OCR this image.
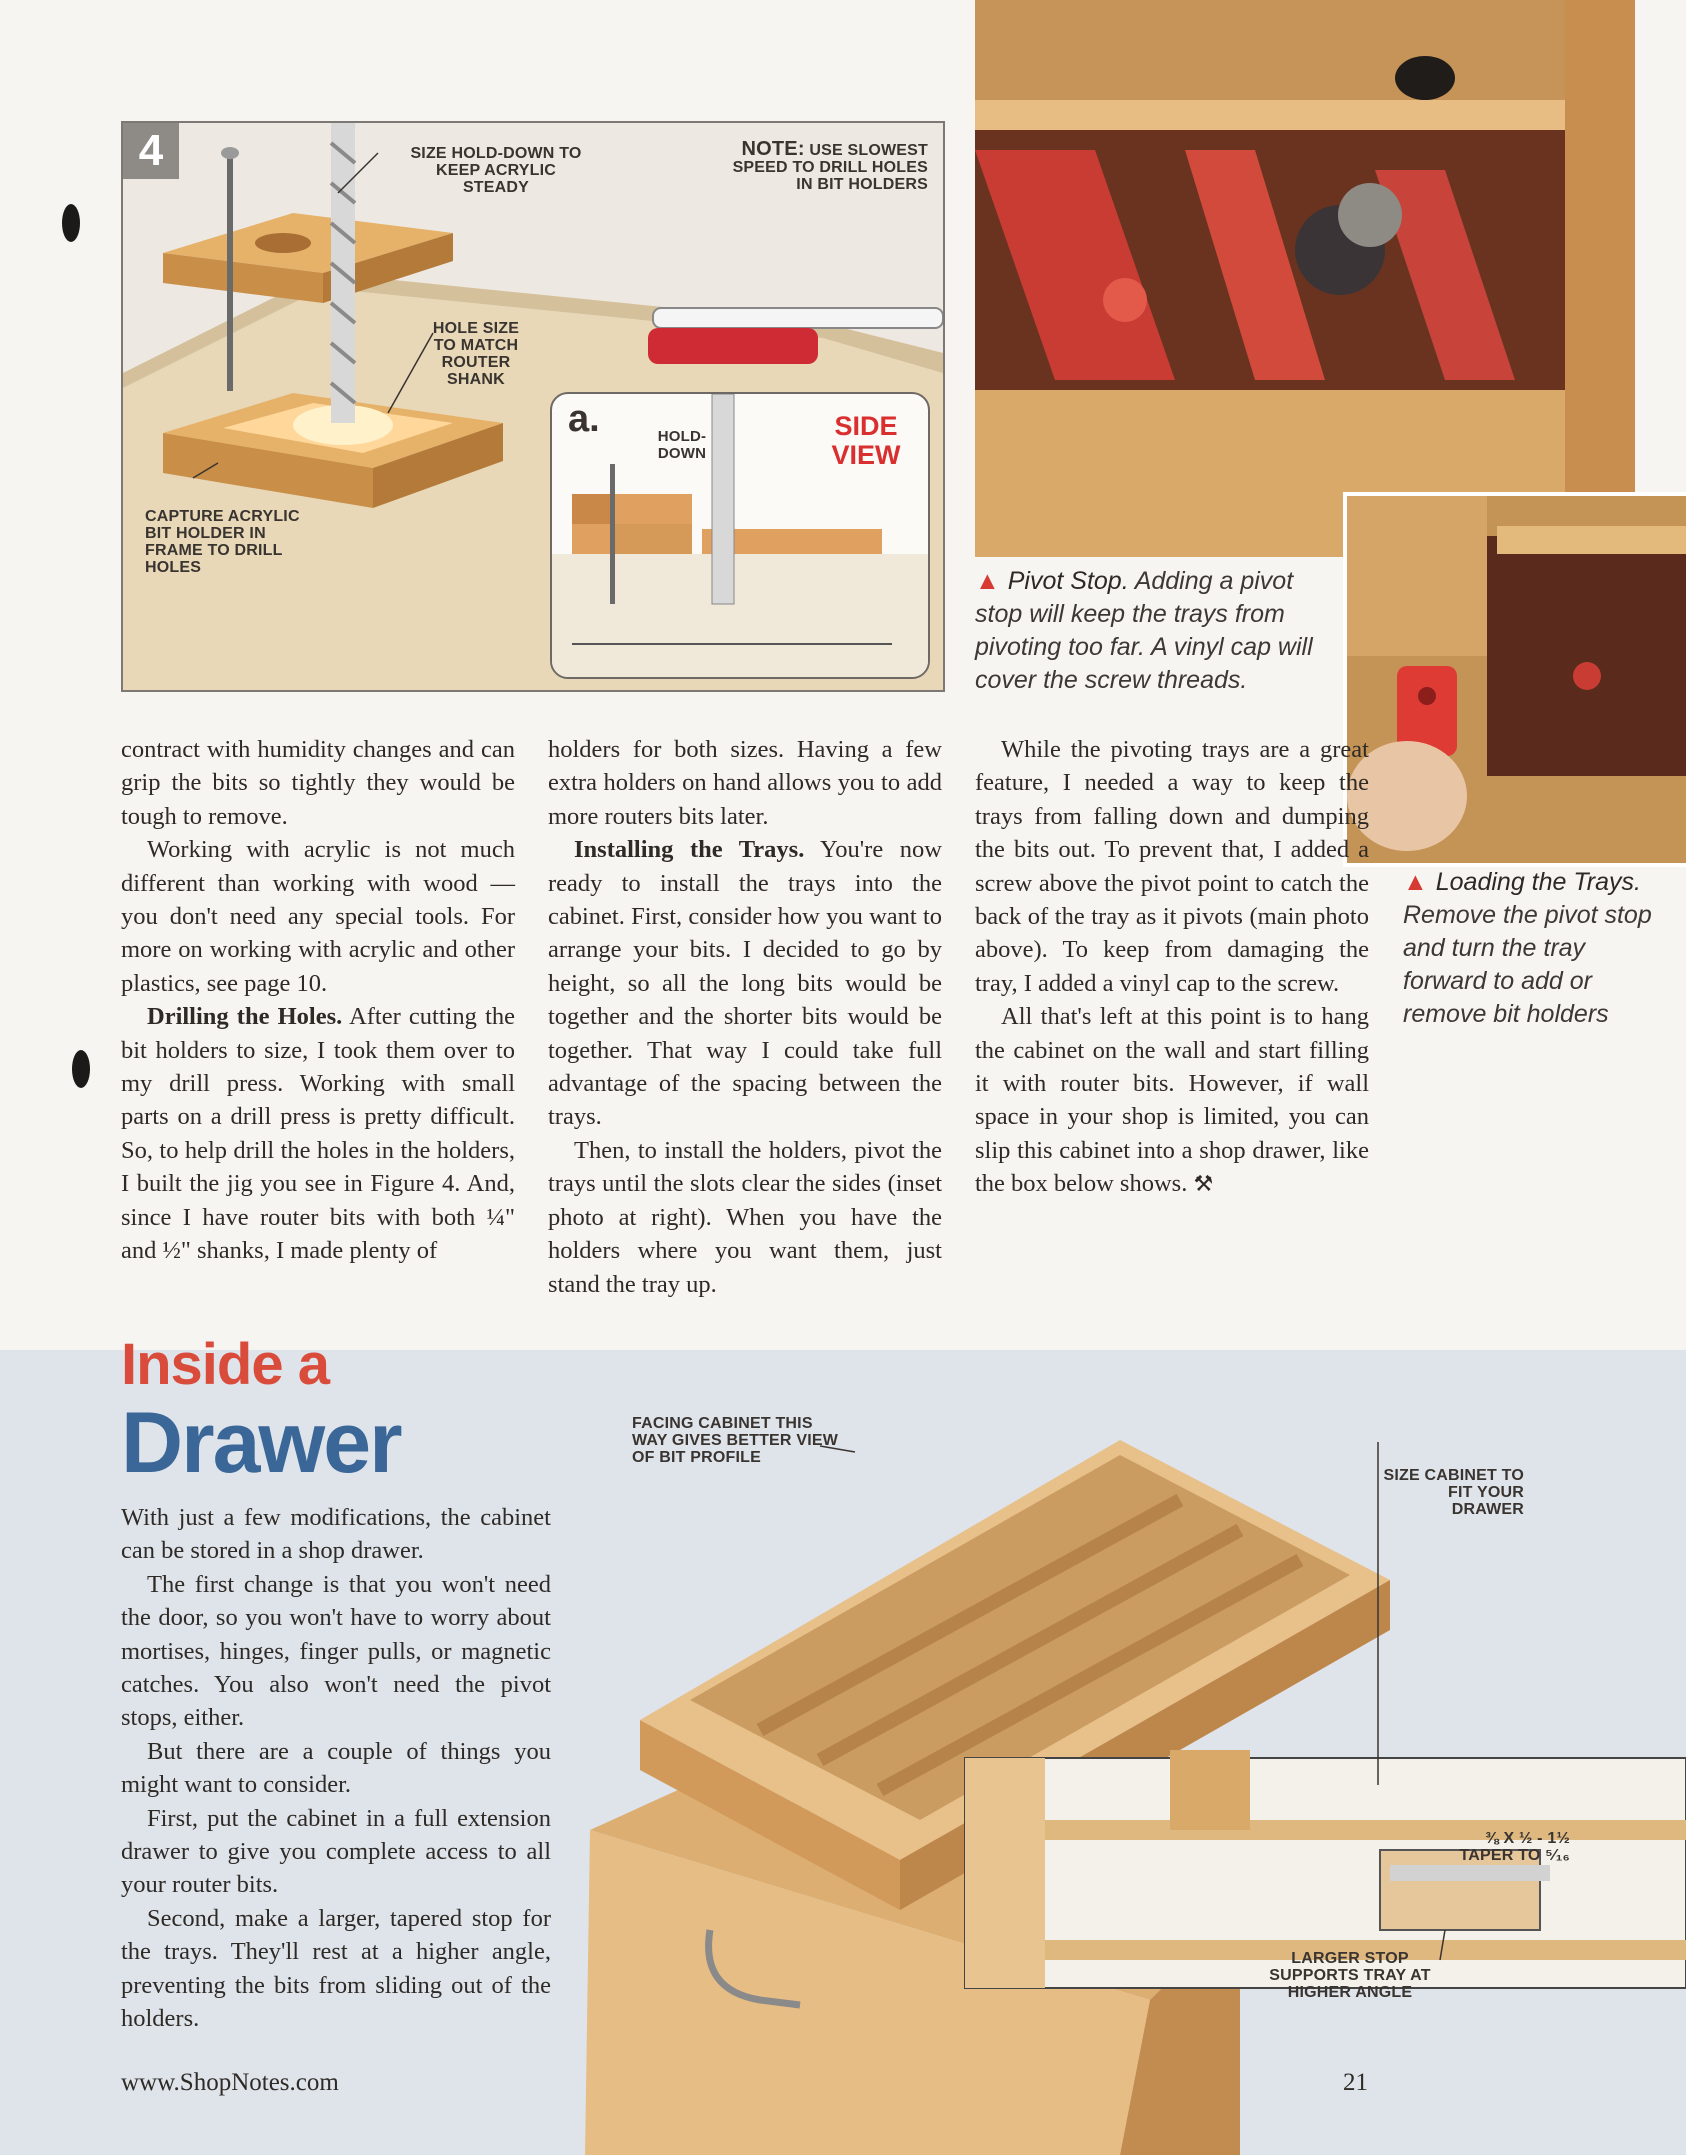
4	SIZE HOLD-DOWN TO KEEP ACRYLIC STEADY
NOTE: USE SLOWEST SPEED TO DRILL HOLES IN BIT HOLDERS
HOLE SIZE TO MATCH ROUTER SHANK
CAPTURE ACRYLIC BIT HOLDER IN FRAME TO DRILL HOLES
a.	HOLD- DOWN
SIDE VIEW
▲ Pivot Stop. Adding a pivot stop will keep the trays from pivoting too far. A vinyl cap will cover the screw threads.
▲ Loading the Trays. Remove the pivot stop and turn the tray forward to add or remove bit holders

contract with humidity changes and can grip the bits so tightly they would be tough to remove.

Working with acrylic is not much different than working with wood — you don't need any special tools. For more on working with acrylic and other plastics, see page 10.

Drilling the Holes. After cutting the bit holders to size, I took them over to my drill press. Working with small parts on a drill press is pretty difficult. So, to help drill the holes in the holders, I built the jig you see in Figure 4. And, since I have router bits with both ¼" and ½" shanks, I made plenty of

holders for both sizes. Having a few extra holders on hand allows you to add more routers bits later.

Installing the Trays. You're now ready to install the trays into the cabinet. First, consider how you want to arrange your bits. I decided to go by height, so all the long bits would be together and the shorter bits would be together. That way I could take full advantage of the spacing between the trays.

Then, to install the holders, pivot the trays until the slots clear the sides (inset photo at right). When you have the holders where you want them, just stand the tray up.

While the pivoting trays are a great feature, I needed a way to keep the trays from falling down and dumping the bits out. To prevent that, I added a screw above the pivot point to catch the back of the tray as it pivots (main photo above). To keep from damaging the tray, I added a vinyl cap to the screw.

All that's left at this point is to hang the cabinet on the wall and start filling it with router bits. However, if wall space in your shop is limited, you can slip this cabinet into a shop drawer, like the box below shows. ⚒

FACING CABINET THIS WAY GIVES BETTER VIEW OF BIT PROFILE
SIZE CABINET TO FIT YOUR DRAWER
⅜ X ½ - 1½ TAPER TO ⁵⁄₁₆
LARGER STOP SUPPORTS TRAY AT HIGHER ANGLE
Inside a
Drawer

With just a few modifications, the cabinet can be stored in a shop drawer.

The first change is that you won't need the door, so you won't have to worry about mortises, hinges, finger pulls, or magnetic catches. You also won't need the pivot stops, either.

But there are a couple of things you might want to consider.

First, put the cabinet in a full extension drawer to give you complete access to all your router bits.

Second, make a larger, tapered stop for the trays. They'll rest at a higher angle, preventing the bits from sliding out of the holders.

www.ShopNotes.com	21
